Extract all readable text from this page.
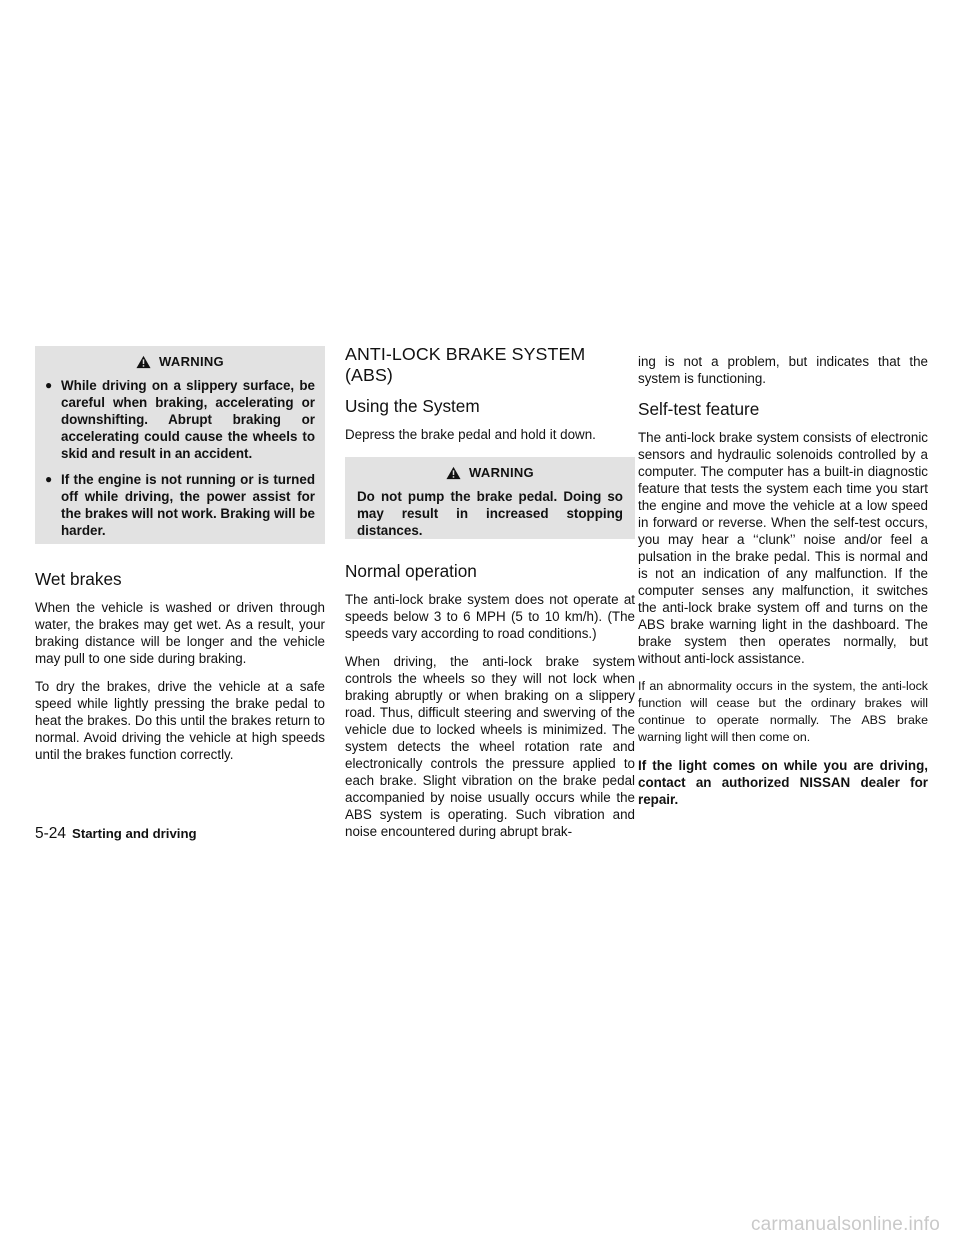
WARNING
● While driving on a slippery surface, be careful when braking, accelerating or downshifting. Abrupt braking or accelerating could cause the wheels to skid and result in an accident.
● If the engine is not running or is turned off while driving, the power assist for the brakes will not work. Braking will be harder.
Wet brakes

When the vehicle is washed or driven through water, the brakes may get wet. As a result, your braking distance will be longer and the vehicle may pull to one side during braking.

To dry the brakes, drive the vehicle at a safe speed while lightly pressing the brake pedal to heat the brakes. Do this until the brakes return to normal. Avoid driving the vehicle at high speeds until the brakes function correctly.

ANTI-LOCK BRAKE SYSTEM (ABS)
Using the System

Depress the brake pedal and hold it down.

WARNING
Do not pump the brake pedal. Doing so may result in increased stopping distances.
Normal operation

The anti-lock brake system does not operate at speeds below 3 to 6 MPH (5 to 10 km/h). (The speeds vary according to road conditions.)

When driving, the anti-lock brake system controls the wheels so they will not lock when braking abruptly or when braking on a slippery road. Thus, difficult steering and swerving of the vehicle due to locked wheels is minimized. The system detects the wheel rotation rate and electronically controls the pressure applied to each brake. Slight vibration on the brake pedal accompanied by noise usually occurs while the ABS system is operating. Such vibration and noise encountered during abrupt brak-

ing is not a problem, but indicates that the system is functioning.

Self-test feature

The anti-lock brake system consists of electronic sensors and hydraulic solenoids controlled by a computer. The computer has a built-in diagnostic feature that tests the system each time you start the engine and move the vehicle at a low speed in forward or reverse. When the self-test occurs, you may hear a ‘‘clunk’’ noise and/or feel a pulsation in the brake pedal. This is normal and is not an indication of any malfunction. If the computer senses any malfunction, it switches the anti-lock brake system off and turns on the ABS brake warning light in the dashboard. The brake system then operates normally, but without anti-lock assistance.

If an abnormality occurs in the system, the anti-lock function will cease but the ordinary brakes will continue to operate normally. The ABS brake warning light will then come on.

If the light comes on while you are driving, contact an authorized NISSAN dealer for repair.

5-24 Starting and driving
carmanualsonline.info
